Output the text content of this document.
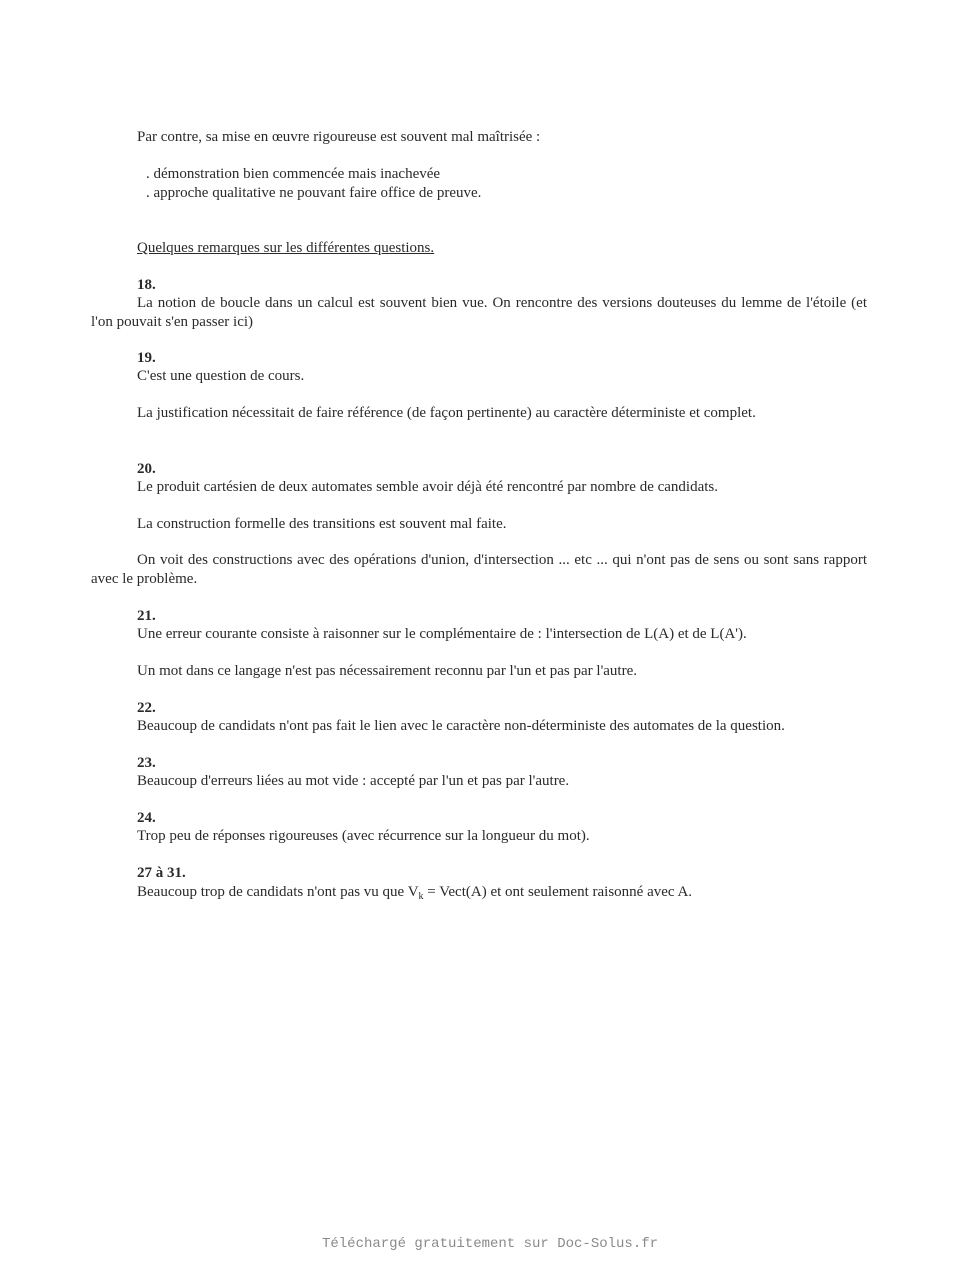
Par contre, sa mise en œuvre rigoureuse est souvent mal maîtrisée :
. démonstration bien commencée mais inachevée
. approche qualitative ne pouvant faire office de preuve.
Quelques remarques sur les différentes questions.
18.
La notion de boucle dans un calcul est souvent bien vue. On rencontre des versions douteuses du lemme de l'étoile (et l'on pouvait s'en passer ici)
19.
C'est une question de cours.
La justification nécessitait de faire référence (de façon pertinente) au caractère déterministe et complet.
20.
Le produit cartésien de deux automates semble avoir déjà été rencontré par nombre de candidats.
La construction formelle des transitions est souvent mal faite.
On voit des constructions avec des opérations d'union, d'intersection ... etc ... qui n'ont pas de sens ou sont sans rapport avec le problème.
21.
Une erreur courante consiste à raisonner sur le complémentaire de : l'intersection de L(A) et de L(A').
Un mot dans ce langage n'est pas nécessairement reconnu par l'un et pas par l'autre.
22.
Beaucoup de candidats n'ont pas fait le lien avec le caractère non-déterministe des automates de la question.
23.
Beaucoup d'erreurs liées au mot vide : accepté par l'un et pas par l'autre.
24.
Trop peu de réponses rigoureuses (avec récurrence sur la longueur du mot).
27 à 31.
Beaucoup trop de candidats n'ont pas vu que $V_k$ = Vect(A) et ont seulement raisonné avec A.
Téléchargé gratuitement sur Doc-Solus.fr
